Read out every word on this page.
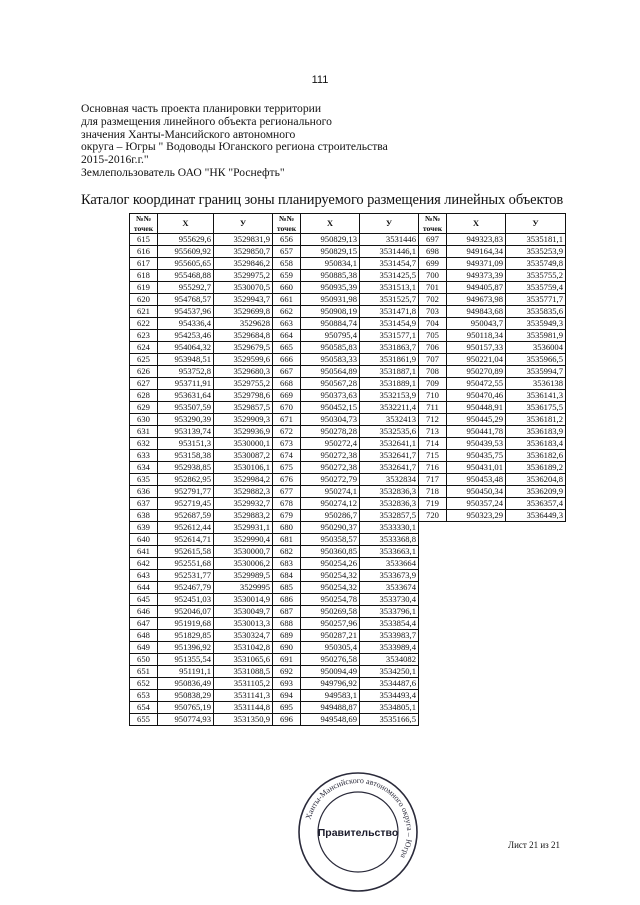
111
Основная часть проекта планировки территории
для размещения линейного объекта регионального
значения Ханты-Мансийского автономного
округа – Югры " Водоводы Юганского региона строительства
2015-2016г.г."
Землепользователь ОАО "НК "Роснефть"
Каталог координат границ зоны планируемого размещения линейных объектов
№№
точек	X	У	№№
точек	X	У	№№
точек	X	У
615	955629,6	3529831,9	656	950829,13	3531446	697	949323,83	3535181,1
616	955609,92	3529850,7	657	950829,15	3531446,1	698	949164,34	3535253,9
617	955605,65	3529846,2	658	950834,1	3531454,7	699	949371,09	3535749,8
618	955468,88	3529975,2	659	950885,38	3531425,5	700	949373,39	3535755,2
619	955292,7	3530070,5	660	950935,39	3531513,1	701	949405,87	3535759,4
620	954768,57	3529943,7	661	950931,98	3531525,7	702	949673,98	3535771,7
621	954537,96	3529699,8	662	950908,19	3531471,8	703	949843,68	3535835,6
622	954336,4	3529628	663	950884,74	3531454,9	704	950043,7	3535949,3
623	954253,46	3529684,8	664	950795,4	3531577,1	705	950118,34	3535981,9
624	954064,32	3529679,5	665	950585,83	3531863,7	706	950157,33	3536004
625	953948,51	3529599,6	666	950583,33	3531861,9	707	950221,04	3535966,5
626	953752,8	3529680,3	667	950564,89	3531887,1	708	950270,89	3535994,7
627	953711,91	3529755,2	668	950567,28	3531889,1	709	950472,55	3536138
628	953631,64	3529798,6	669	950373,63	3532153,9	710	950470,46	3536141,3
629	953507,59	3529857,5	670	950452,15	3532211,4	711	950448,91	3536175,5
630	953290,39	3529909,3	671	950304,73	3532413	712	950445,29	3536181,2
631	953139,74	3529936,9	672	950278,28	3532535,6	713	950441,78	3536183,9
632	953151,3	3530000,1	673	950272,4	3532641,1	714	950439,53	3536183,4
633	953158,38	3530087,2	674	950272,38	3532641,7	715	950435,75	3536182,6
634	952938,85	3530106,1	675	950272,38	3532641,7	716	950431,01	3536189,2
635	952862,95	3529984,2	676	950272,79	3532834	717	950453,48	3536204,8
636	952791,77	3529882,3	677	950274,1	3532836,3	718	950450,34	3536209,9
637	952719,45	3529932,7	678	950274,12	3532836,3	719	950357,24	3536357,4
638	952687,59	3529883,2	679	950286,7	3532857,5	720	950323,29	3536449,3
639	952612,44	3529931,1	680	950290,37	3533330,1			
640	952614,71	3529990,4	681	950358,57	3533368,8			
641	952615,58	3530000,7	682	950360,85	3533663,1			
642	952551,68	3530006,2	683	950254,26	3533664			
643	952531,77	3529989,5	684	950254,32	3533673,9			
644	952467,79	3529995	685	950254,32	3533674			
645	952451,03	3530014,9	686	950254,78	3533730,4			
646	952046,07	3530049,7	687	950269,58	3533796,1			
647	951919,68	3530013,3	688	950257,96	3533854,4			
648	951829,85	3530324,7	689	950287,21	3533983,7			
649	951396,92	3531042,8	690	950305,4	3533989,4			
650	951355,54	3531065,6	691	950276,58	3534082			
651	951191,1	3531088,5	692	950094,49	3534250,1			
652	950836,49	3531105,2	693	949796,92	3534487,6			
653	950838,29	3531141,3	694	949583,1	3534493,4			
654	950765,19	3531144,8	695	949488,87	3534805,1			
655	950774,93	3531350,9	696	949548,69	3535166,5			
Ханты-Мансийского автономного округа – Югра
Правительство
Лист 21 из 21
